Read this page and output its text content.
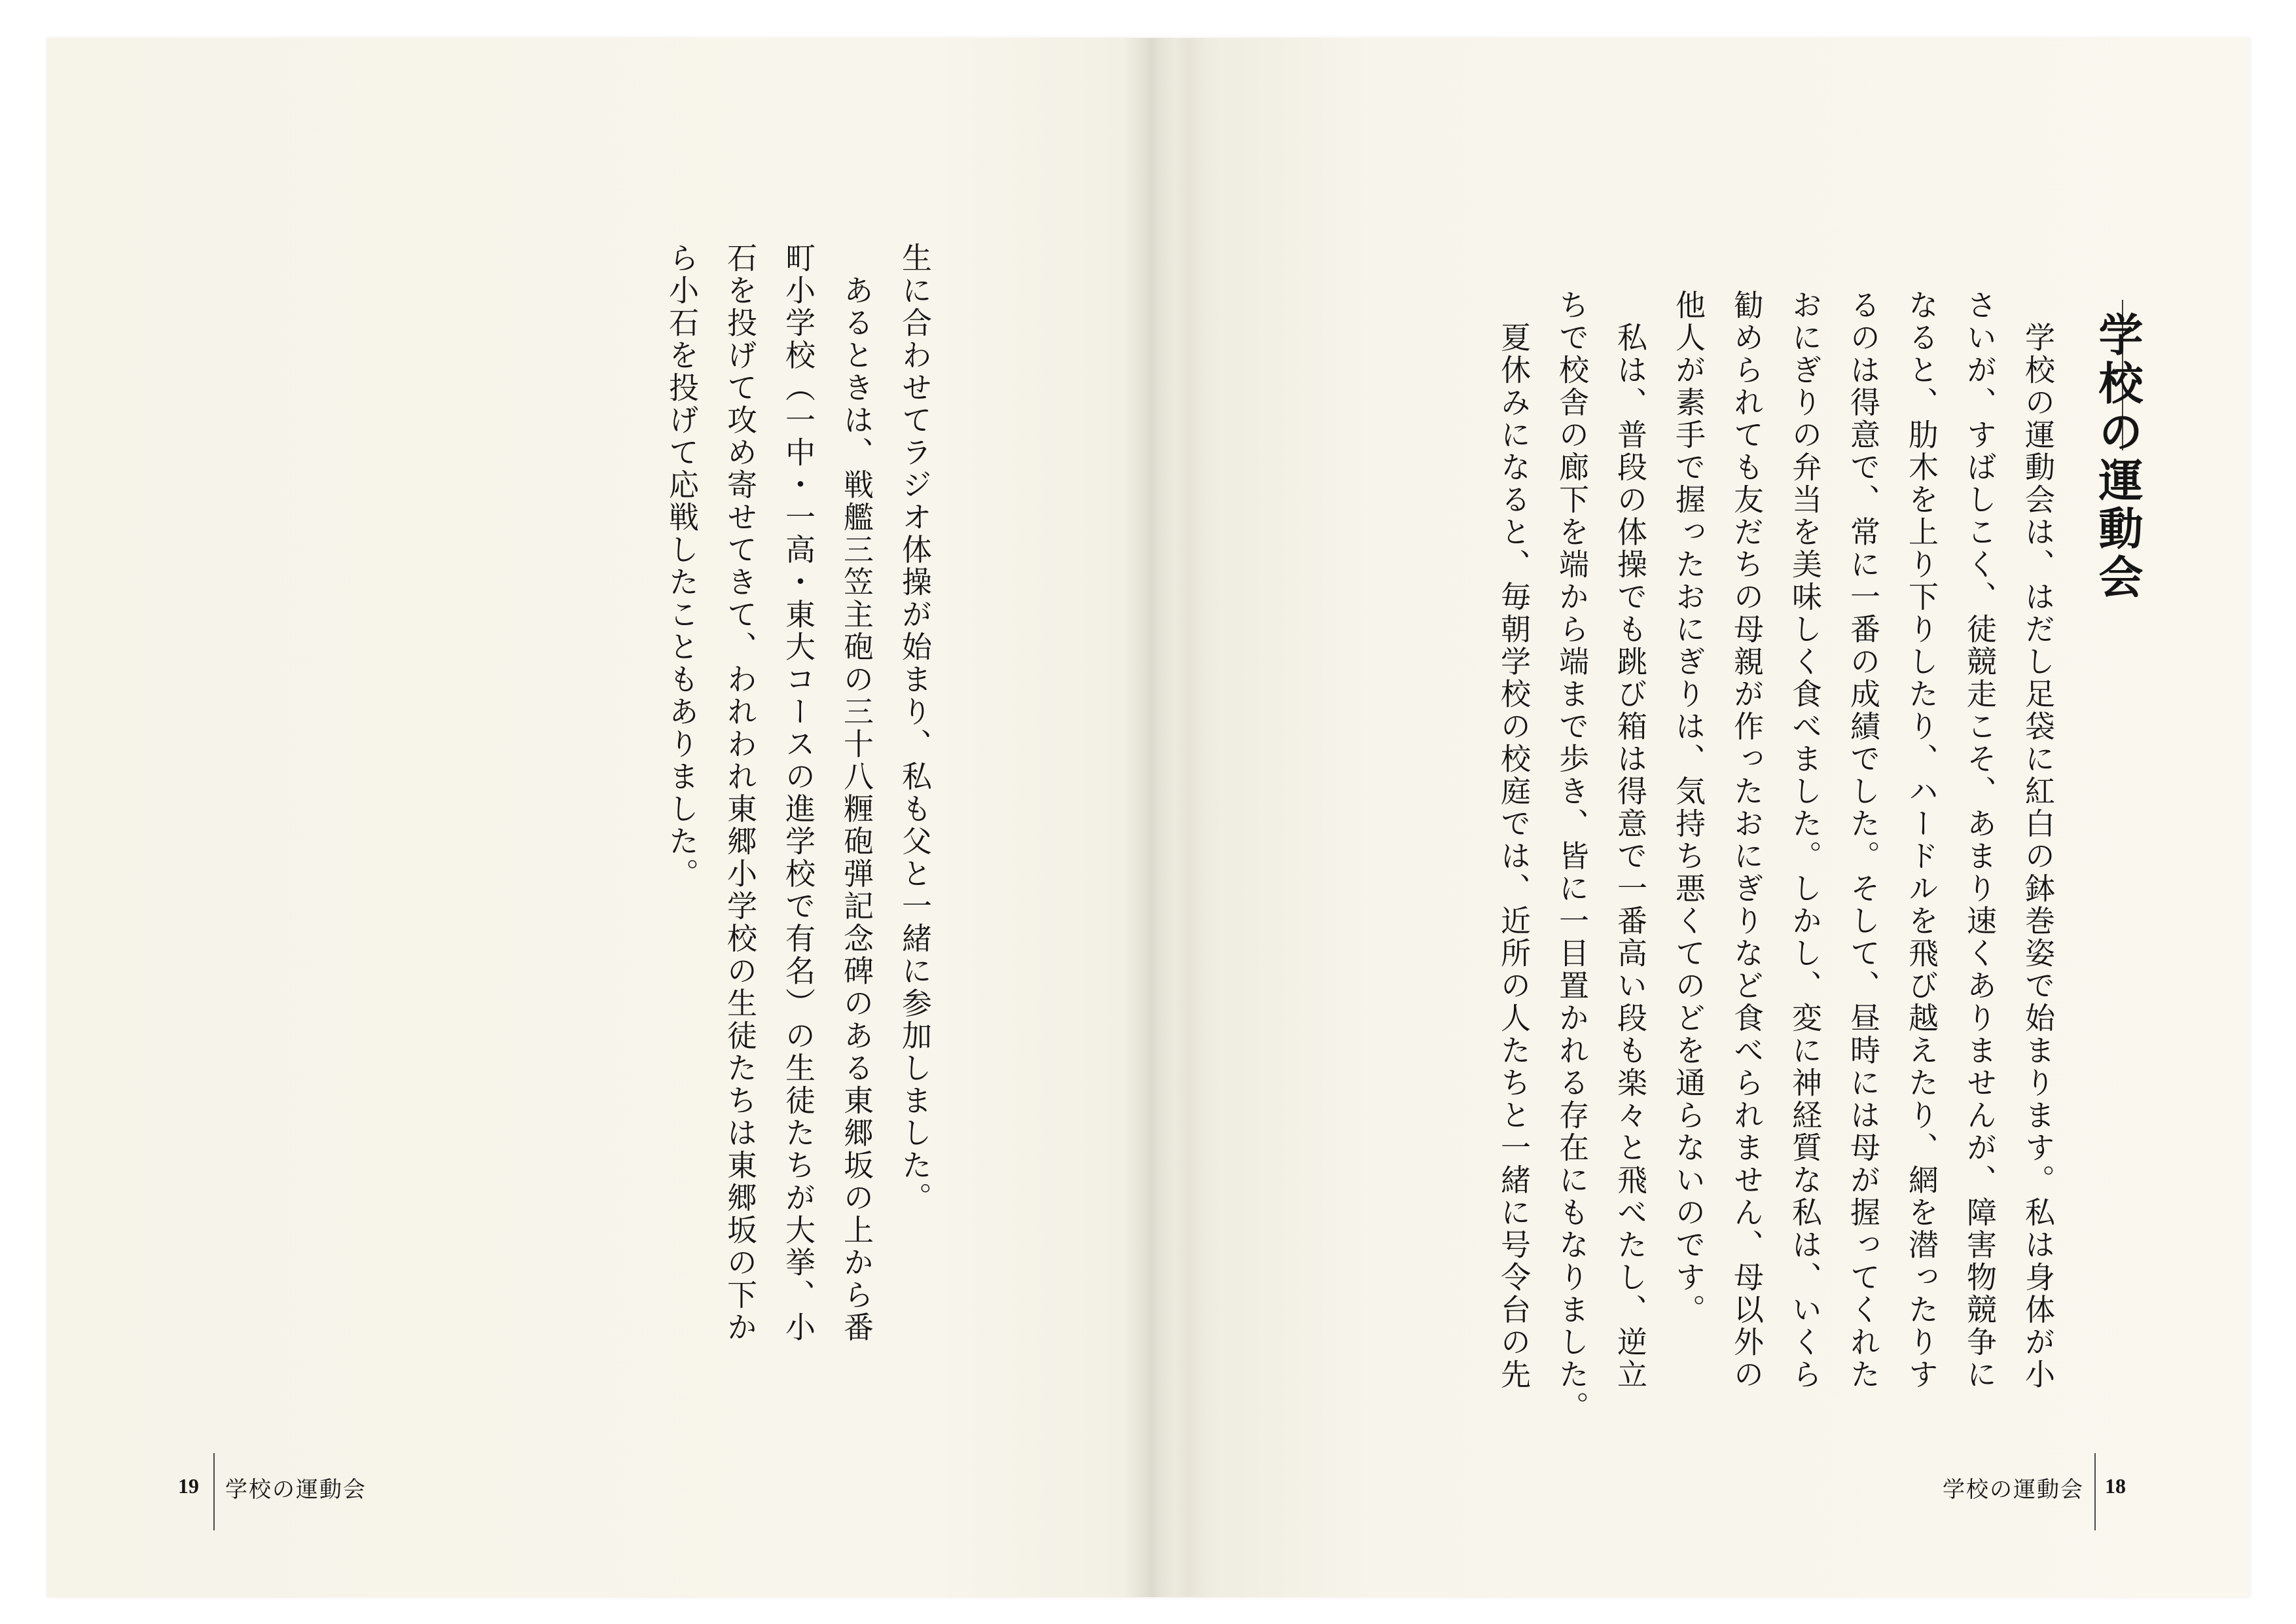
生に合わせてラジオ体操が始まり、私も父と一緒に参加しました。
　あるときは、戦艦三笠主砲の三十八糎砲弾記念碑のある東郷坂の上から番
町小学校（一中・一高・東大コースの進学校で有名）の生徒たちが大挙、小
石を投げて攻め寄せてきて、われわれ東郷小学校の生徒たちは東郷坂の下か
ら小石を投げて応戦したこともありました。
19 学校の運動会
学校の運動会
　学校の運動会は、はだし足袋に紅白の鉢巻姿で始まります。私は身体が小
さいが、すばしこく、徒競走こそ、あまり速くありませんが、障害物競争に
なると、肋木を上り下りしたり、ハードルを飛び越えたり、網を潜ったりす
るのは得意で、常に一番の成績でした。そして、昼時には母が握ってくれた
おにぎりの弁当を美味しく食べました。しかし、変に神経質な私は、いくら
勧められても友だちの母親が作ったおにぎりなど食べられません、母以外の
他人が素手で握ったおにぎりは、気持ち悪くてのどを通らないのです。
　私は、普段の体操でも跳び箱は得意で一番高い段も楽々と飛べたし、逆立
ちで校舎の廊下を端から端まで歩き、皆に一目置かれる存在にもなりました。
　夏休みになると、毎朝学校の校庭では、近所の人たちと一緒に号令台の先
学校の運動会 18
